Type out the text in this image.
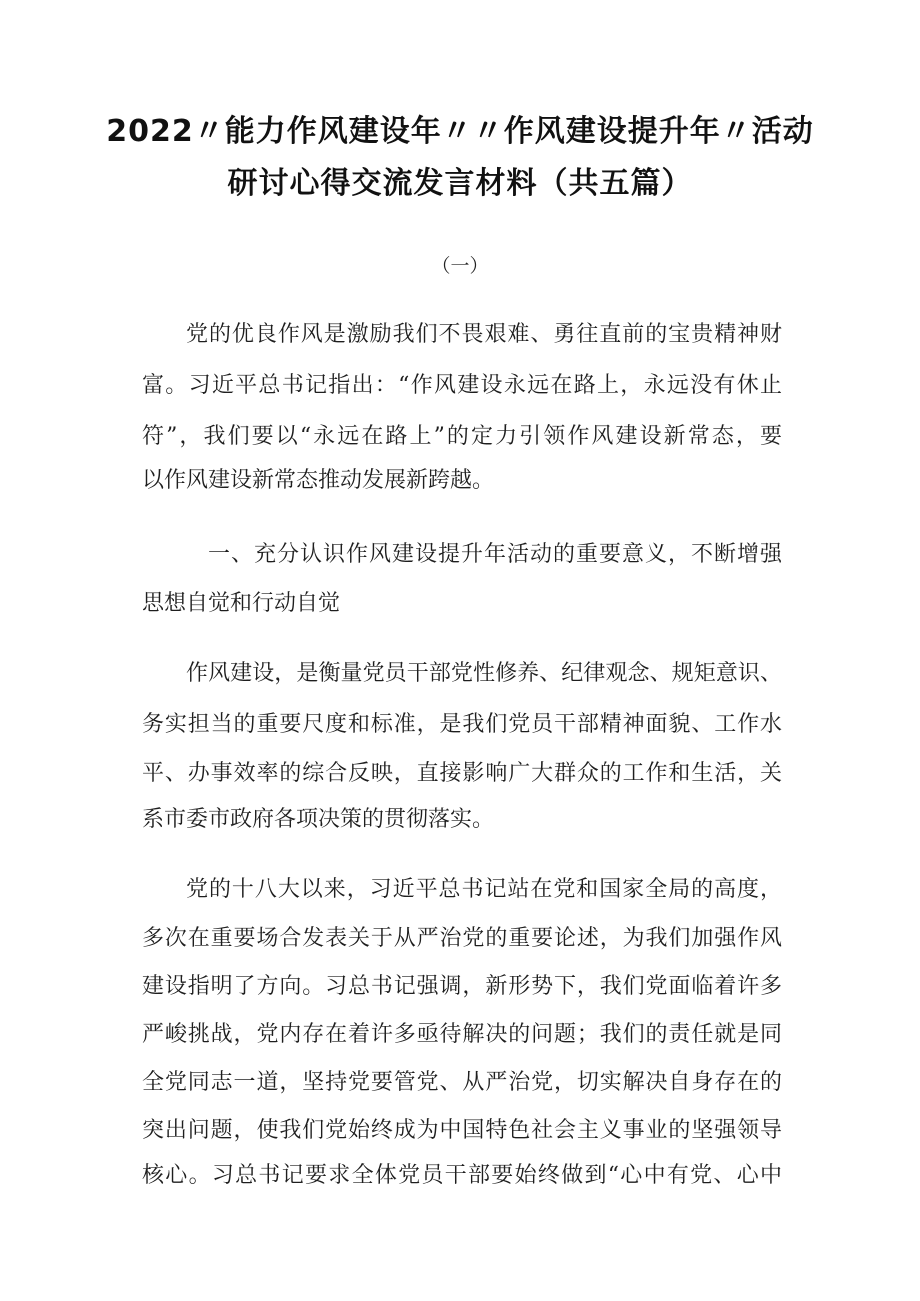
2022〃能力作风建设年〃〃作风建设提升年〃活动
研讨心得交流发言材料（共五篇）
（一）
党的优良作风是激励我们不畏艰难、勇往直前的宝贵精神财
富。习近平总书记指出：“作风建设永远在路上，永远没有休止
符”，我们要以“永远在路上”的定力引领作风建设新常态，要
以作风建设新常态推动发展新跨越。
一、充分认识作风建设提升年活动的重要意义，不断增强
思想自觉和行动自觉
作风建设，是衡量党员干部党性修养、纪律观念、规矩意识、
务实担当的重要尺度和标准，是我们党员干部精神面貌、工作水
平、办事效率的综合反映，直接影响广大群众的工作和生活，关
系市委市政府各项决策的贯彻落实。
党的十八大以来，习近平总书记站在党和国家全局的高度，
多次在重要场合发表关于从严治党的重要论述，为我们加强作风
建设指明了方向。习总书记强调，新形势下，我们党面临着许多
严峻挑战，党内存在着许多亟待解决的问题；我们的责任就是同
全党同志一道，坚持党要管党、从严治党，切实解决自身存在的
突出问题，使我们党始终成为中国特色社会主义事业的坚强领导
核心。习总书记要求全体党员干部要始终做到“心中有党、心中
